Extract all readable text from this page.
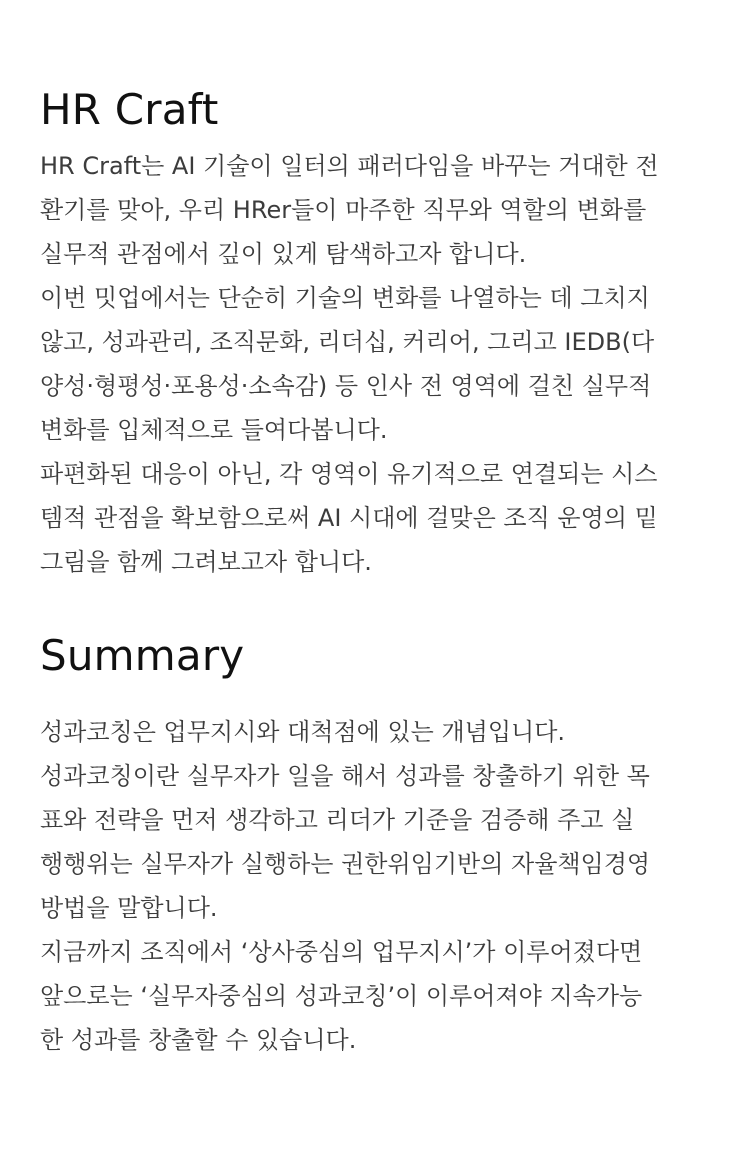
HR Craft

HR Craft는 AI 기술이 일터의 패러다임을 바꾸는 거대한 전
환기를 맞아, 우리 HRer들이 마주한 직무와 역할의 변화를
실무적 관점에서 깊이 있게 탐색하고자 합니다.
이번 밋업에서는 단순히 기술의 변화를 나열하는 데 그치지
않고, 성과관리, 조직문화, 리더십, 커리어, 그리고 IEDB(다
양성·형평성·포용성·소속감) 등 인사 전 영역에 걸친 실무적
변화를 입체적으로 들여다봅니다.
파편화된 대응이 아닌, 각 영역이 유기적으로 연결되는 시스
템적 관점을 확보함으로써 AI 시대에 걸맞은 조직 운영의 밑
그림을 함께 그려보고자 합니다.

Summary

성과코칭은 업무지시와 대척점에 있는 개념입니다.
성과코칭이란 실무자가 일을 해서 성과를 창출하기 위한 목
표와 전략을 먼저 생각하고 리더가 기준을 검증해 주고 실
행행위는 실무자가 실행하는 권한위임기반의 자율책임경영
방법을 말합니다.
지금까지 조직에서 ‘상사중심의 업무지시’가 이루어졌다면
앞으로는 ‘실무자중심의 성과코칭’이 이루어져야 지속가능
한 성과를 창출할 수 있습니다.
